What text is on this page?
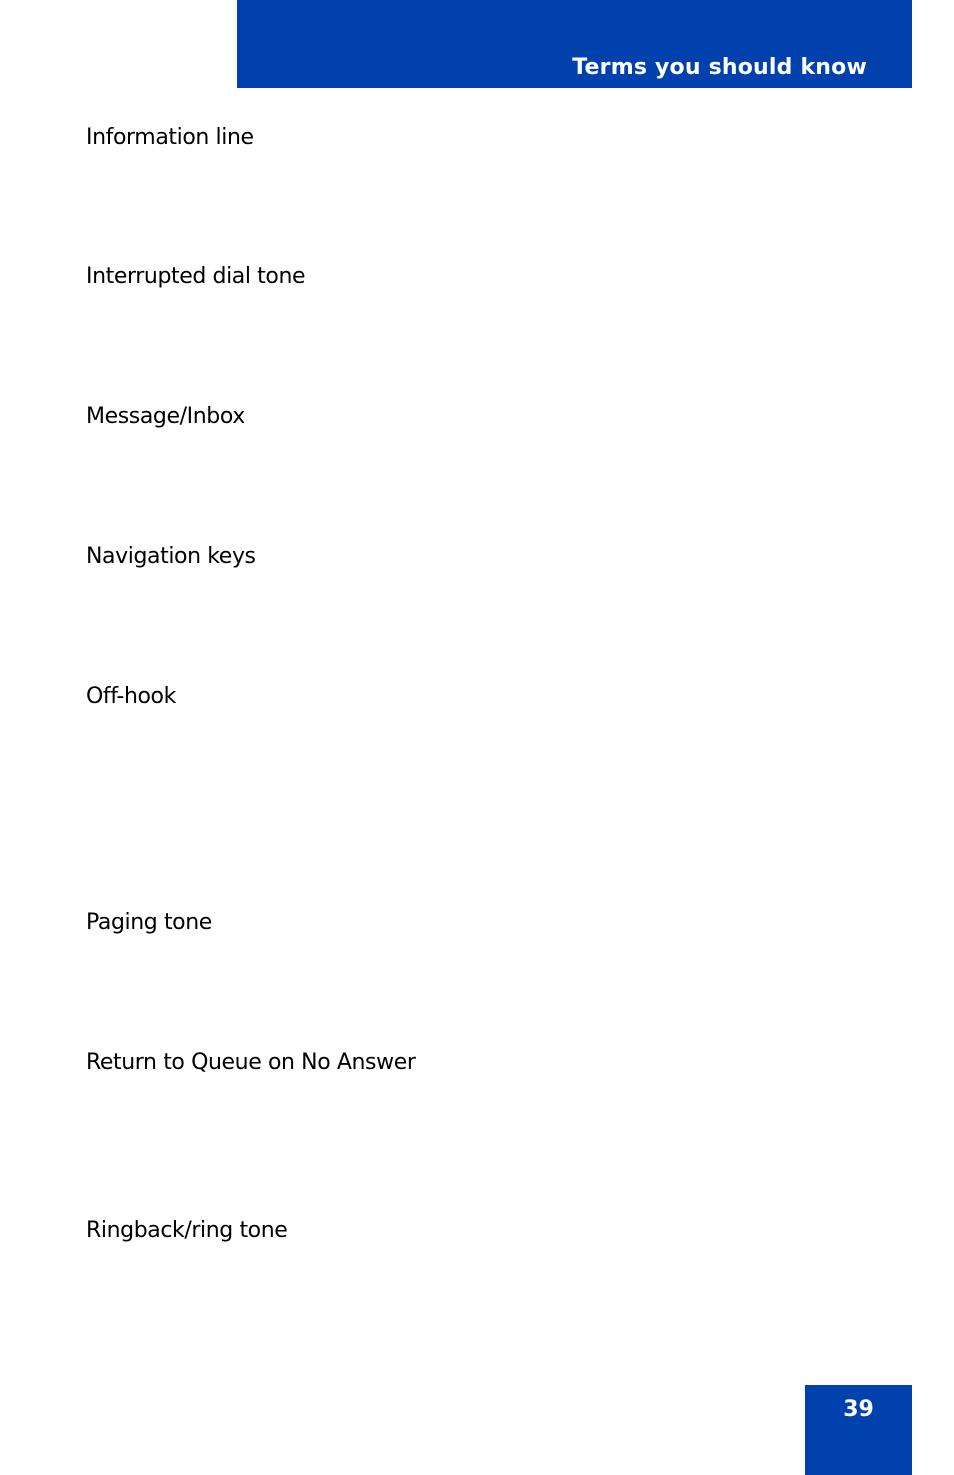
Terms you should know
Information line
Interrupted dial tone
Message/Inbox
Navigation keys
Off-hook
Paging tone
Return to Queue on No Answer
Ringback/ring tone
39
